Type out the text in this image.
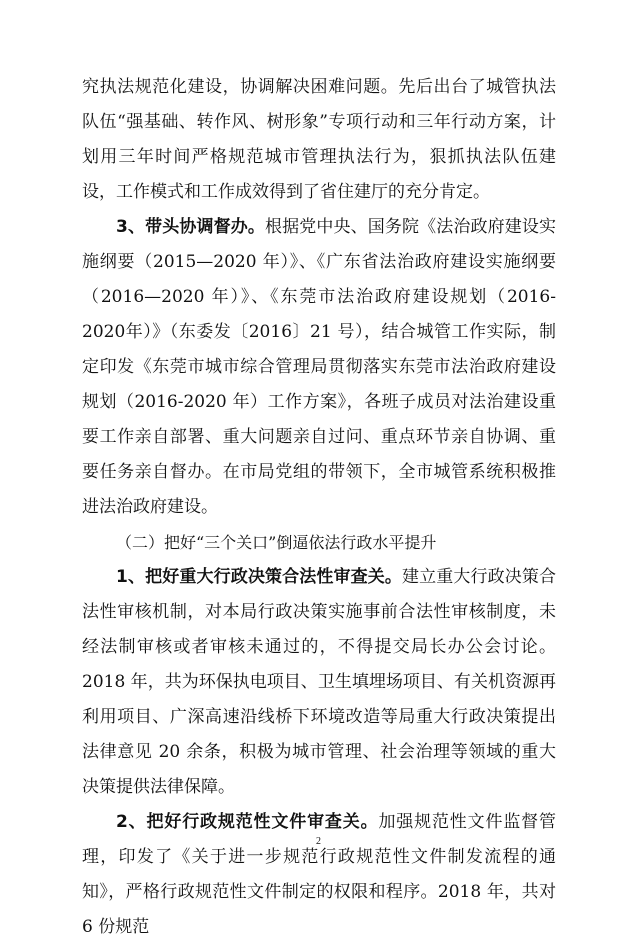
究执法规范化建设，协调解决困难问题。先后出台了城管执法队伍“强基础、转作风、树形象”专项行动和三年行动方案，计划用三年时间严格规范城市管理执法行为，狠抓执法队伍建设，工作模式和工作成效得到了省住建厅的充分肯定。

3、带头协调督办。根据党中央、国务院《法治政府建设实施纲要（2015—2020 年）》、《广东省法治政府建设实施纲要（2016—2020 年）》、《东莞市法治政府建设规划（2016-2020年）》（东委发〔2016〕21 号），结合城管工作实际，制定印发《东莞市城市综合管理局贯彻落实东莞市法治政府建设规划（2016-2020 年）工作方案》，各班子成员对法治建设重要工作亲自部署、重大问题亲自过问、重点环节亲自协调、重要任务亲自督办。在市局党组的带领下，全市城管系统积极推进法治政府建设。

（二）把好“三个关口”倒逼依法行政水平提升

1、把好重大行政决策合法性审查关。建立重大行政决策合法性审核机制，对本局行政决策实施事前合法性审核制度，未经法制审核或者审核未通过的，不得提交局长办公会讨论。2018 年，共为环保执电项目、卫生填埋场项目、有关机资源再利用项目、广深高速沿线桥下环境改造等局重大行政决策提出法律意见 20 余条，积极为城市管理、社会治理等领域的重大决策提供法律保障。

2、把好行政规范性文件审查关。加强规范性文件监督管理，印发了《关于进一步规范行政规范性文件制发流程的通知》，严格行政规范性文件制定的权限和程序。2018 年，共对 6 份规范

2
